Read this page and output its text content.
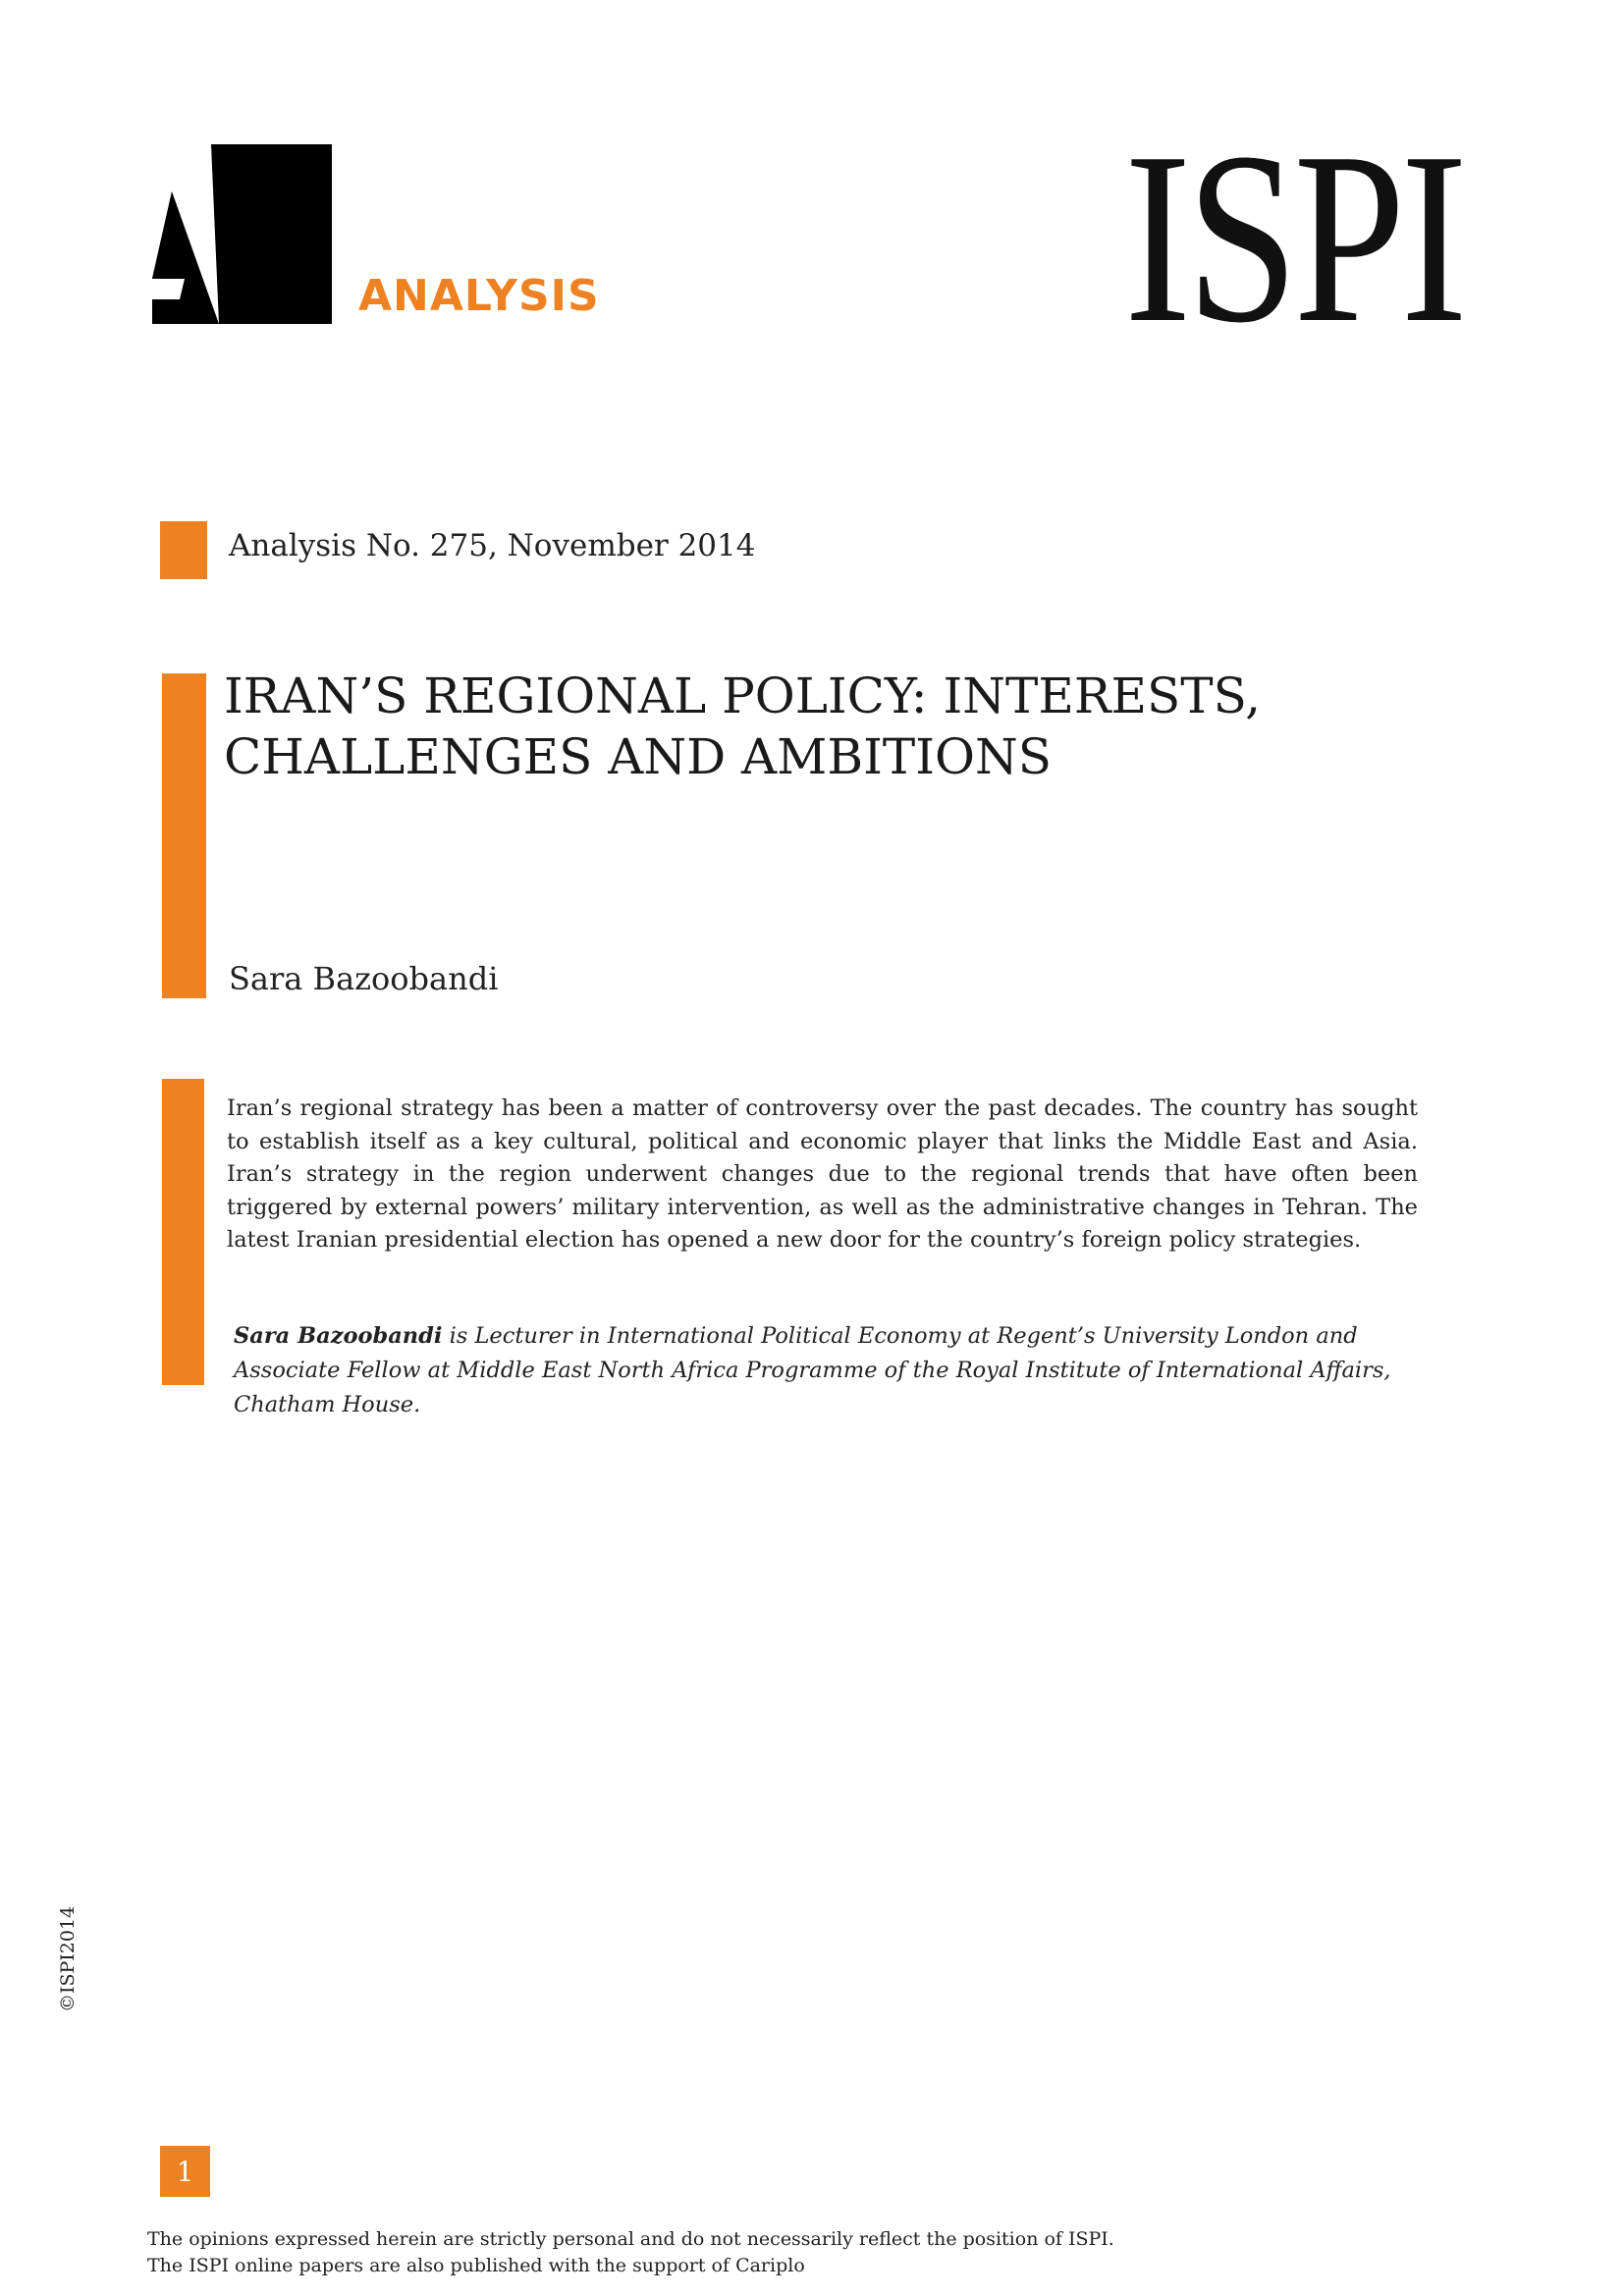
ANALYSIS ISPI
Analysis No. 275, November 2014
IRAN’S REGIONAL POLICY: INTERESTS,
CHALLENGES AND AMBITIONS
Sara Bazoobandi
Iran’s regional strategy has been a matter of controversy over the past decades. The country has sought to establish itself as a key cultural, political and economic player that links the Middle East and Asia. Iran’s strategy in the region underwent changes due to the regional trends that have often been triggered by external powers’ military intervention, as well as the administrative changes in Tehran. The latest Iranian presidential election has opened a new door for the country’s foreign policy strategies.
Sara Bazoobandi is Lecturer in International Political Economy at Regent’s University London and Associate Fellow at Middle East North Africa Programme of the Royal Institute of International Affairs, Chatham House.
©ISPI2014
1
The opinions expressed herein are strictly personal and do not necessarily reflect the position of ISPI.
The ISPI online papers are also published with the support of Cariplo
